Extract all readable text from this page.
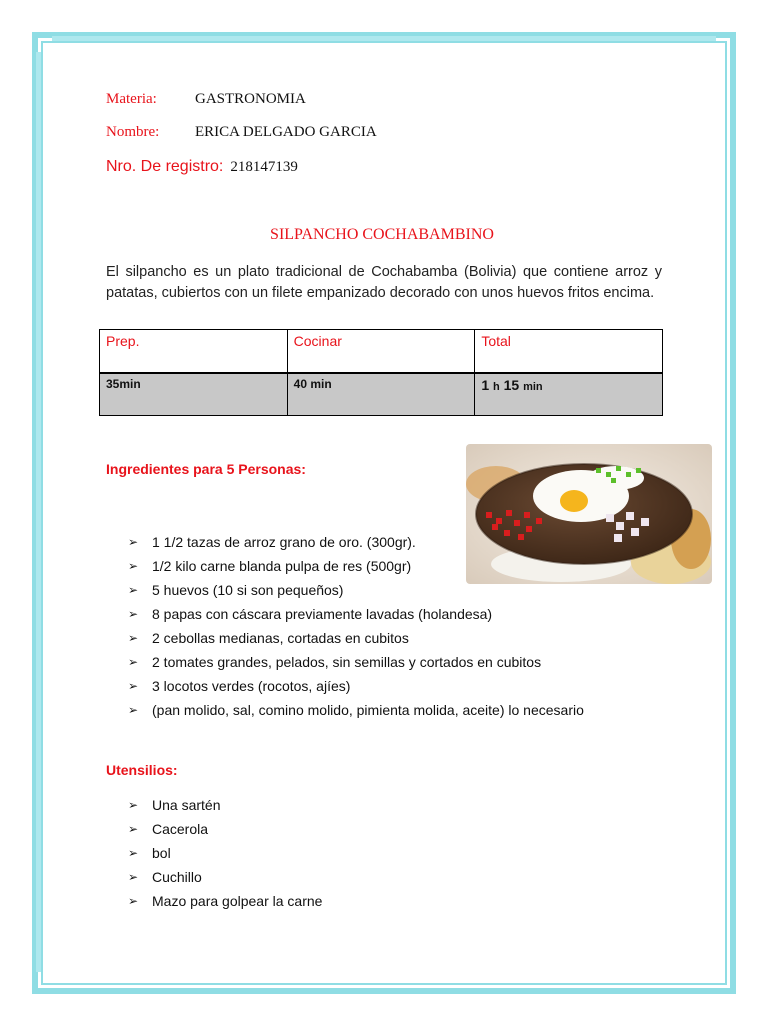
Materia:	GASTRONOMIA
Nombre: ERICA DELGADO GARCIA
Nro. De registro: 218147139
SILPANCHO COCHABAMBINO
El silpancho es un plato tradicional de Cochabamba (Bolivia) que contiene arroz y patatas, cubiertos con un filete empanizado decorado con unos huevos fritos encima.
Prep.	Cocinar	Total
35min	40 min	1 h 15 min
Ingredientes para 5 Personas:
➢ 1 1/2 tazas de arroz grano de oro. (300gr).
➢ 1/2 kilo carne blanda pulpa de res (500gr)
➢ 5 huevos (10 si son pequeños)
➢ 8 papas con cáscara previamente lavadas (holandesa)
➢ 2 cebollas medianas, cortadas en cubitos
➢ 2 tomates grandes, pelados, sin semillas y cortados en cubitos
➢ 3 locotos verdes (rocotos, ajíes)
➢ (pan molido, sal, comino molido, pimienta molida, aceite) lo necesario
Utensilios:
➢ Una sartén
➢ Cacerola
➢ bol
➢ Cuchillo
➢ Mazo para golpear la carne
